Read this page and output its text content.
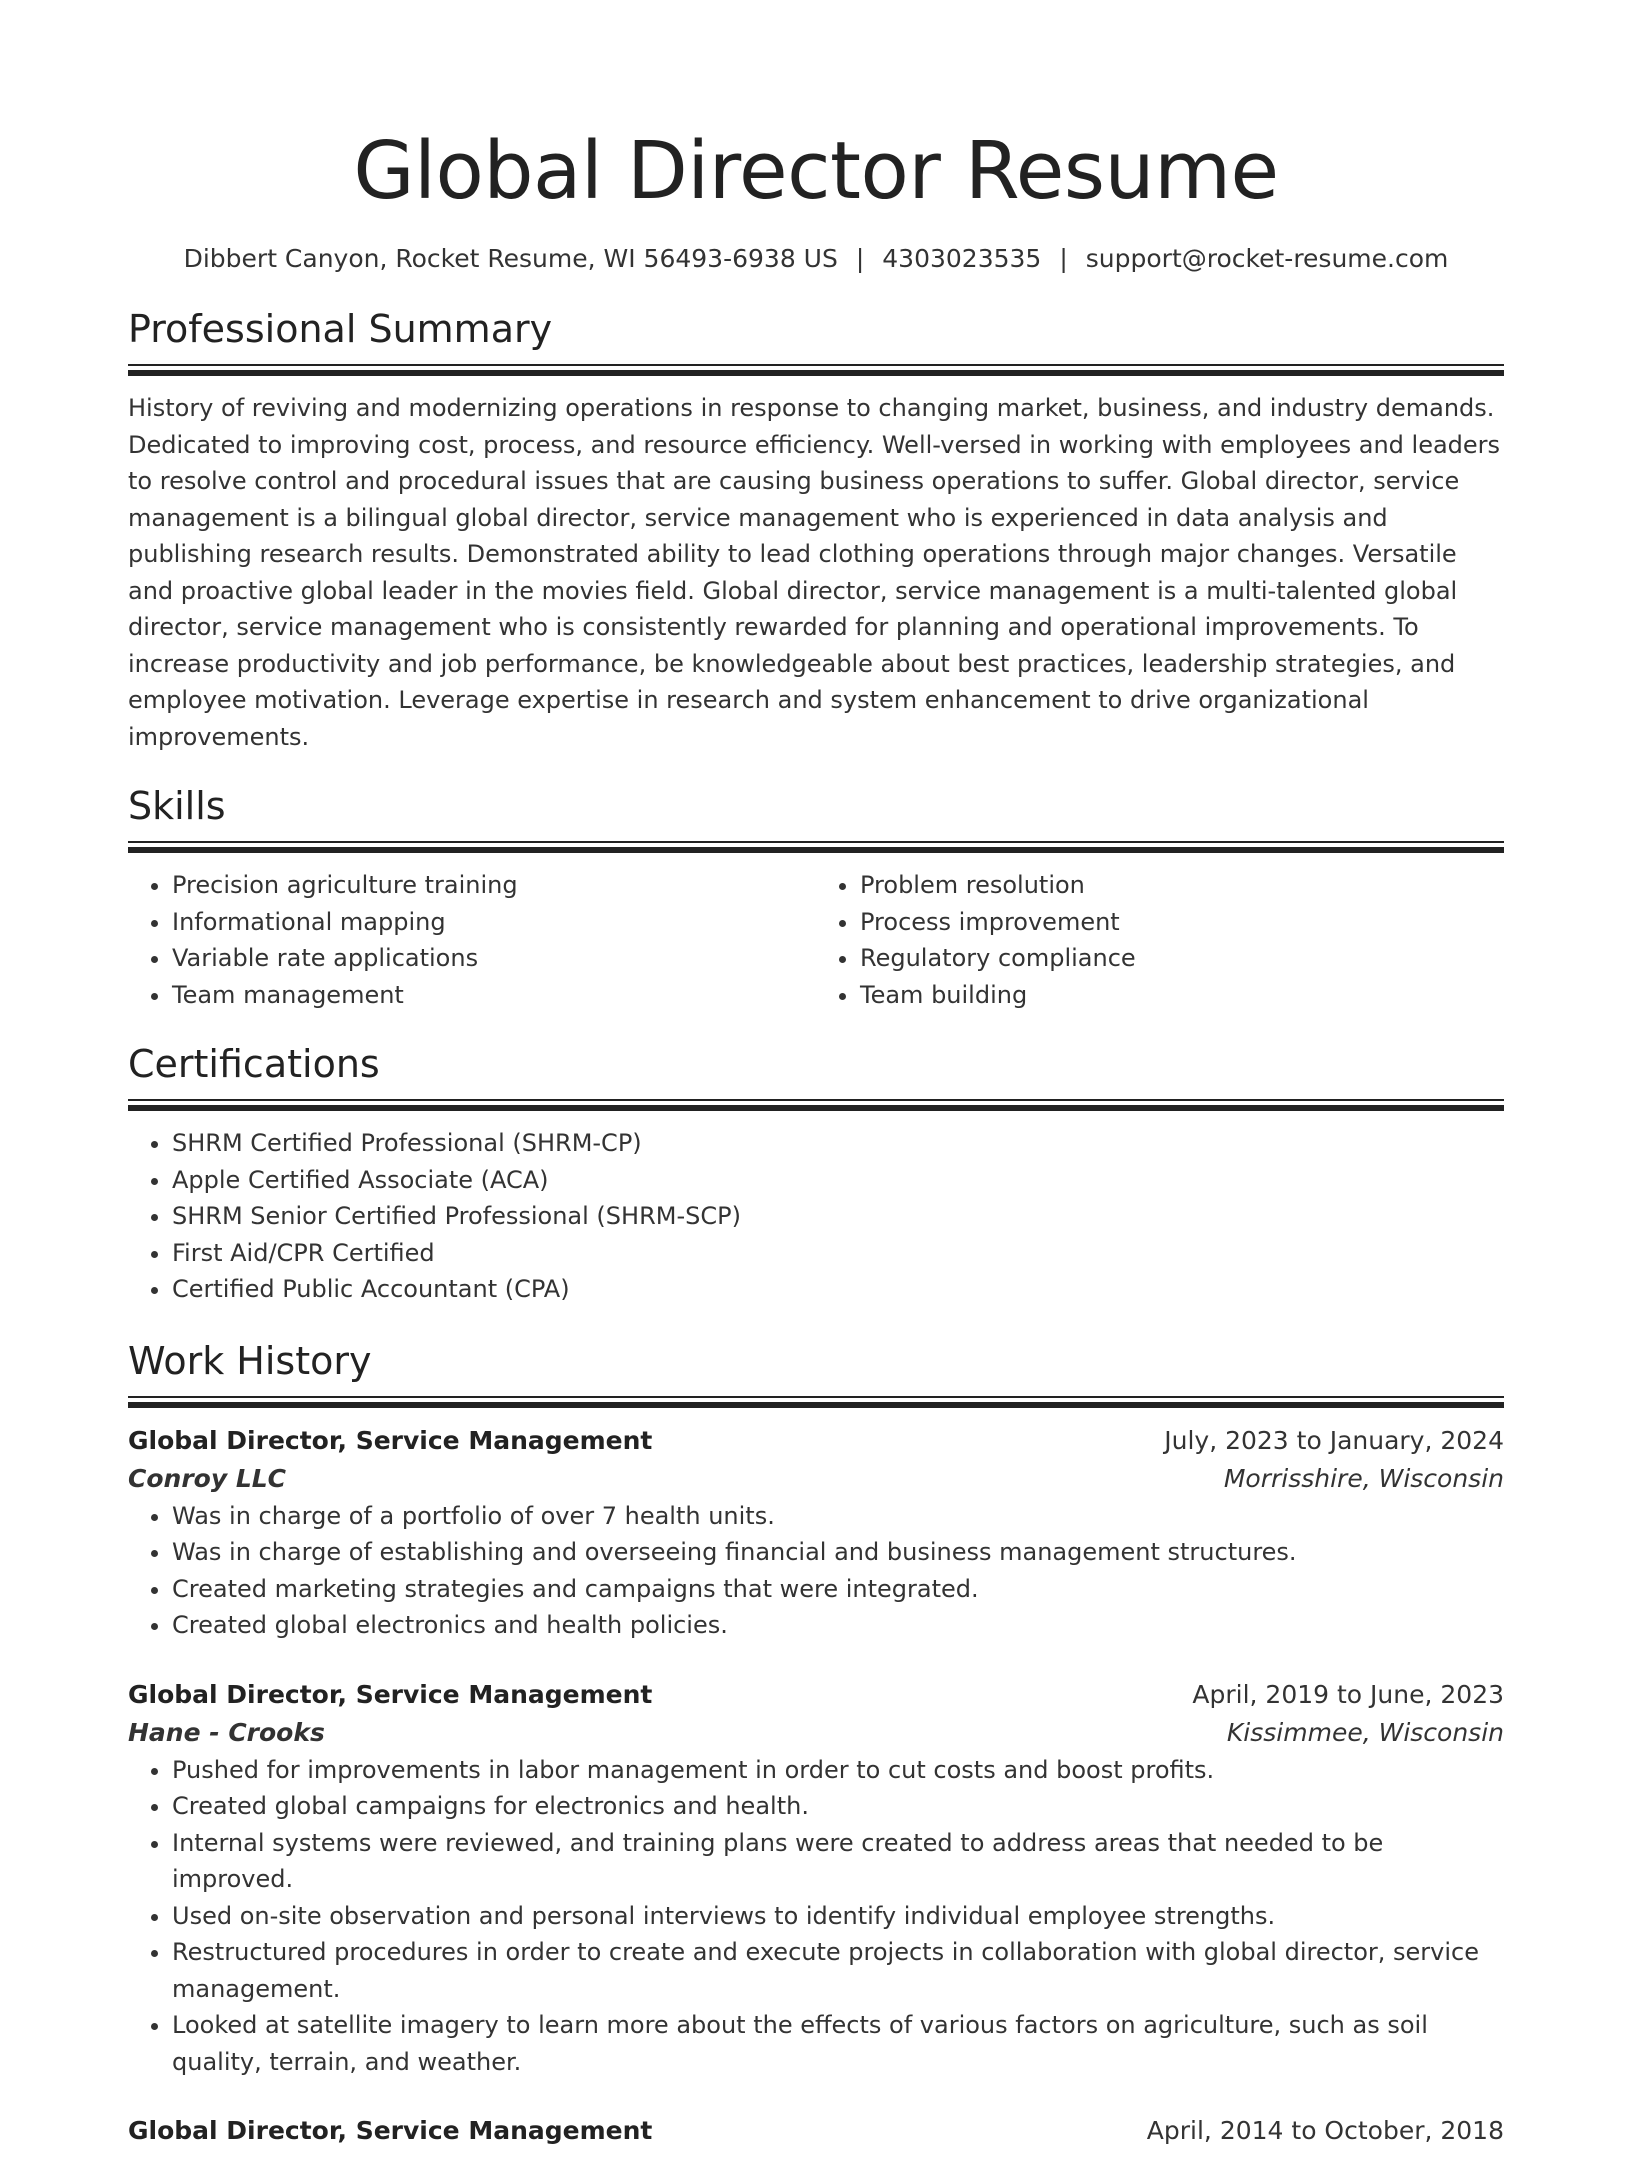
Global Director Resume
Dibbert Canyon, Rocket Resume, WI 56493-6938 US | 4303023535 | support@rocket-resume.com
Professional Summary

History of reviving and modernizing operations in response to changing market, business, and industry demands. Dedicated to improving cost, process, and resource efficiency. Well-versed in working with employees and leaders to resolve control and procedural issues that are causing business operations to suffer. Global director, service management is a bilingual global director, service management who is experienced in data analysis and publishing research results. Demonstrated ability to lead clothing operations through major changes. Versatile and proactive global leader in the movies field. Global director, service management is a multi-talented global director, service management who is consistently rewarded for planning and operational improvements. To increase productivity and job performance, be knowledgeable about best practices, leadership strategies, and employee motivation. Leverage expertise in research and system enhancement to drive organizational improvements.

Skills
• Precision agriculture training
• Informational mapping
• Variable rate applications
• Team management
• Problem resolution
• Process improvement
• Regulatory compliance
• Team building
Certifications
• SHRM Certified Professional (SHRM-CP)
• Apple Certified Associate (ACA)
• SHRM Senior Certified Professional (SHRM-SCP)
• First Aid/CPR Certified
• Certified Public Accountant (CPA)
Work History
Global Director, Service Management	July, 2023 to January, 2024
Conroy LLC	Morrisshire, Wisconsin
• Was in charge of a portfolio of over 7 health units.
• Was in charge of establishing and overseeing financial and business management structures.
• Created marketing strategies and campaigns that were integrated.
• Created global electronics and health policies.
Global Director, Service Management	April, 2019 to June, 2023
Hane - Crooks	Kissimmee, Wisconsin
• Pushed for improvements in labor management in order to cut costs and boost profits.
• Created global campaigns for electronics and health.
• Internal systems were reviewed, and training plans were created to address areas that needed to be improved.
• Used on-site observation and personal interviews to identify individual employee strengths.
• Restructured procedures in order to create and execute projects in collaboration with global director, service management.
• Looked at satellite imagery to learn more about the effects of various factors on agriculture, such as soil quality, terrain, and weather.
Global Director, Service Management	April, 2014 to October, 2018
